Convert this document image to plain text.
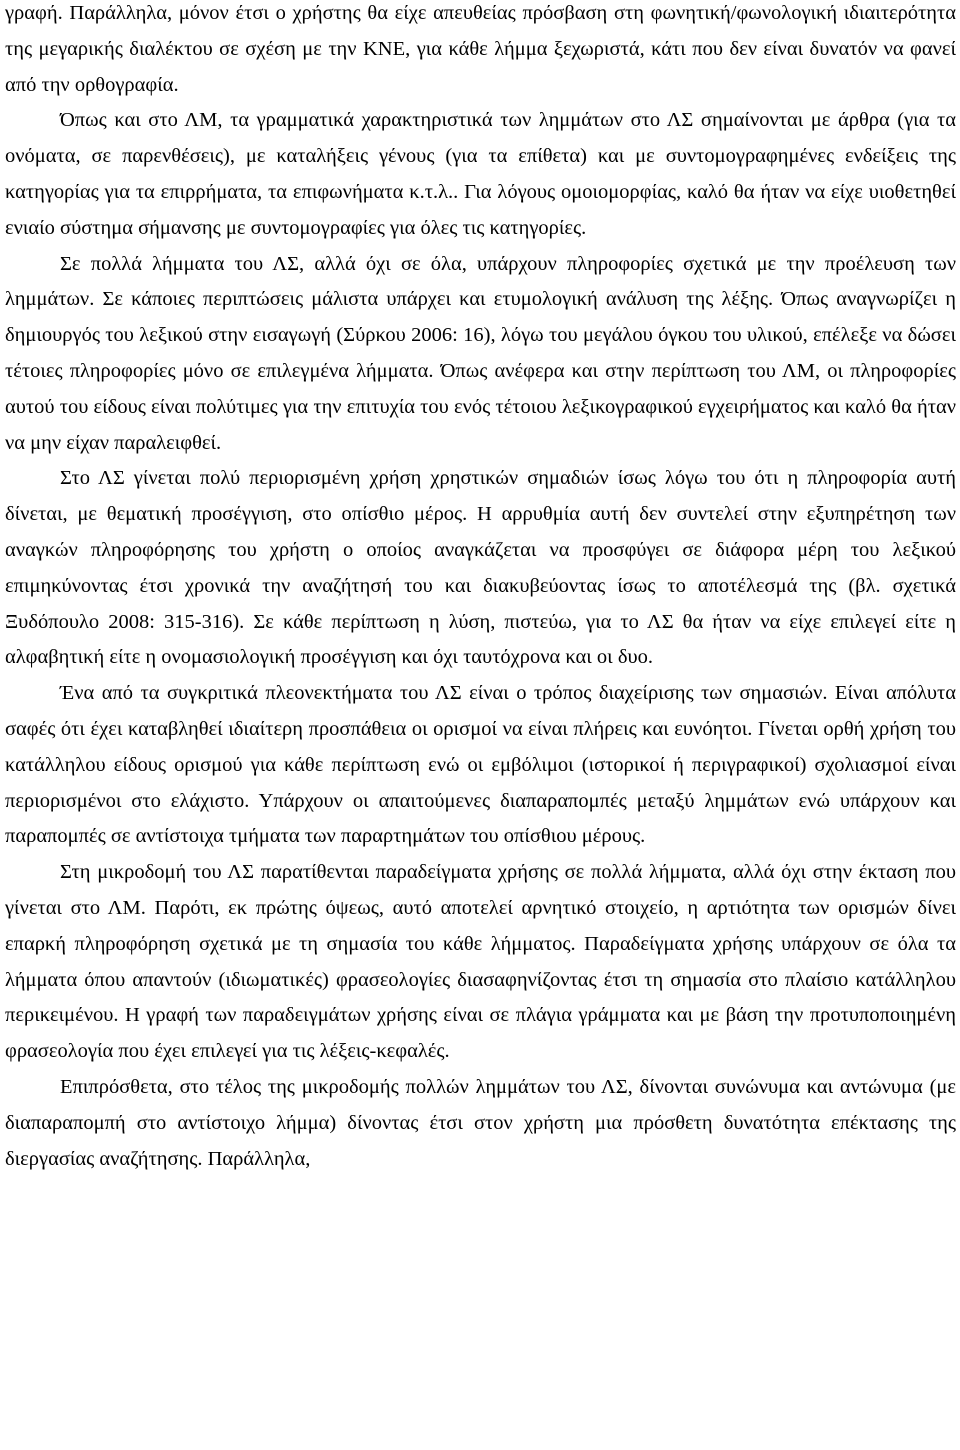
γραφή. Παράλληλα, μόνον έτσι ο χρήστης θα είχε απευθείας πρόσβαση στη φωνητική/φωνολογική ιδιαιτερότητα της μεγαρικής διαλέκτου σε σχέση με την ΚΝΕ, για κάθε λήμμα ξεχωριστά, κάτι που δεν είναι δυνατόν να φανεί από την ορθογραφία.

Όπως και στο ΛΜ, τα γραμματικά χαρακτηριστικά των λημμάτων στο ΛΣ σημαίνονται με άρθρα (για τα ονόματα, σε παρενθέσεις), με καταλήξεις γένους (για τα επίθετα) και με συντομογραφημένες ενδείξεις της κατηγορίας για τα επιρρήματα, τα επιφωνήματα κ.τ.λ.. Για λόγους ομοιομορφίας, καλό θα ήταν να είχε υιοθετηθεί ενιαίο σύστημα σήμανσης με συντομογραφίες για όλες τις κατηγορίες.

Σε πολλά λήμματα του ΛΣ, αλλά όχι σε όλα, υπάρχουν πληροφορίες σχετικά με την προέλευση των λημμάτων. Σε κάποιες περιπτώσεις μάλιστα υπάρχει και ετυμολογική ανάλυση της λέξης. Όπως αναγνωρίζει η δημιουργός του λεξικού στην εισαγωγή (Σύρκου 2006: 16), λόγω του μεγάλου όγκου του υλικού, επέλεξε να δώσει τέτοιες πληροφορίες μόνο σε επιλεγμένα λήμματα. Όπως ανέφερα και στην περίπτωση του ΛΜ, οι πληροφορίες αυτού του είδους είναι πολύτιμες για την επιτυχία του ενός τέτοιου λεξικογραφικού εγχειρήματος και καλό θα ήταν να μην είχαν παραλειφθεί.

Στο ΛΣ γίνεται πολύ περιορισμένη χρήση χρηστικών σημαδιών ίσως λόγω του ότι η πληροφορία αυτή δίνεται, με θεματική προσέγγιση, στο οπίσθιο μέρος. Η αρρυθμία αυτή δεν συντελεί στην εξυπηρέτηση των αναγκών πληροφόρησης του χρήστη ο οποίος αναγκάζεται να προσφύγει σε διάφορα μέρη του λεξικού επιμηκύνοντας έτσι χρονικά την αναζήτησή του και διακυβεύοντας ίσως το αποτέλεσμά της (βλ. σχετικά Ξυδόπουλο 2008: 315-316). Σε κάθε περίπτωση η λύση, πιστεύω, για το ΛΣ θα ήταν να είχε επιλεγεί είτε η αλφαβητική είτε η ονομασιολογική προσέγγιση και όχι ταυτόχρονα και οι δυο.

Ένα από τα συγκριτικά πλεονεκτήματα του ΛΣ είναι ο τρόπος διαχείρισης των σημασιών. Είναι απόλυτα σαφές ότι έχει καταβληθεί ιδιαίτερη προσπάθεια οι ορισμοί να είναι πλήρεις και ευνόητοι. Γίνεται ορθή χρήση του κατάλληλου είδους ορισμού για κάθε περίπτωση ενώ οι εμβόλιμοι (ιστορικοί ή περιγραφικοί) σχολιασμοί είναι περιορισμένοι στο ελάχιστο. Υπάρχουν οι απαιτούμενες διαπαραπομπές μεταξύ λημμάτων ενώ υπάρχουν και παραπομπές σε αντίστοιχα τμήματα των παραρτημάτων του οπίσθιου μέρους.

Στη μικροδομή του ΛΣ παρατίθενται παραδείγματα χρήσης σε πολλά λήμματα, αλλά όχι στην έκταση που γίνεται στο ΛΜ. Παρότι, εκ πρώτης όψεως, αυτό αποτελεί αρνητικό στοιχείο, η αρτιότητα των ορισμών δίνει επαρκή πληροφόρηση σχετικά με τη σημασία του κάθε λήμματος. Παραδείγματα χρήσης υπάρχουν σε όλα τα λήμματα όπου απαντούν (ιδιωματικές) φρασεολογίες διασαφηνίζοντας έτσι τη σημασία στο πλαίσιο κατάλληλου περικειμένου. Η γραφή των παραδειγμάτων χρήσης είναι σε πλάγια γράμματα και με βάση την προτυποποιημένη φρασεολογία που έχει επιλεγεί για τις λέξεις-κεφαλές.

Επιπρόσθετα, στο τέλος της μικροδομής πολλών λημμάτων του ΛΣ, δίνονται συνώνυμα και αντώνυμα (με διαπαραπομπή στο αντίστοιχο λήμμα) δίνοντας έτσι στον χρήστη μια πρόσθετη δυνατότητα επέκτασης της διεργασίας αναζήτησης. Παράλληλα,
